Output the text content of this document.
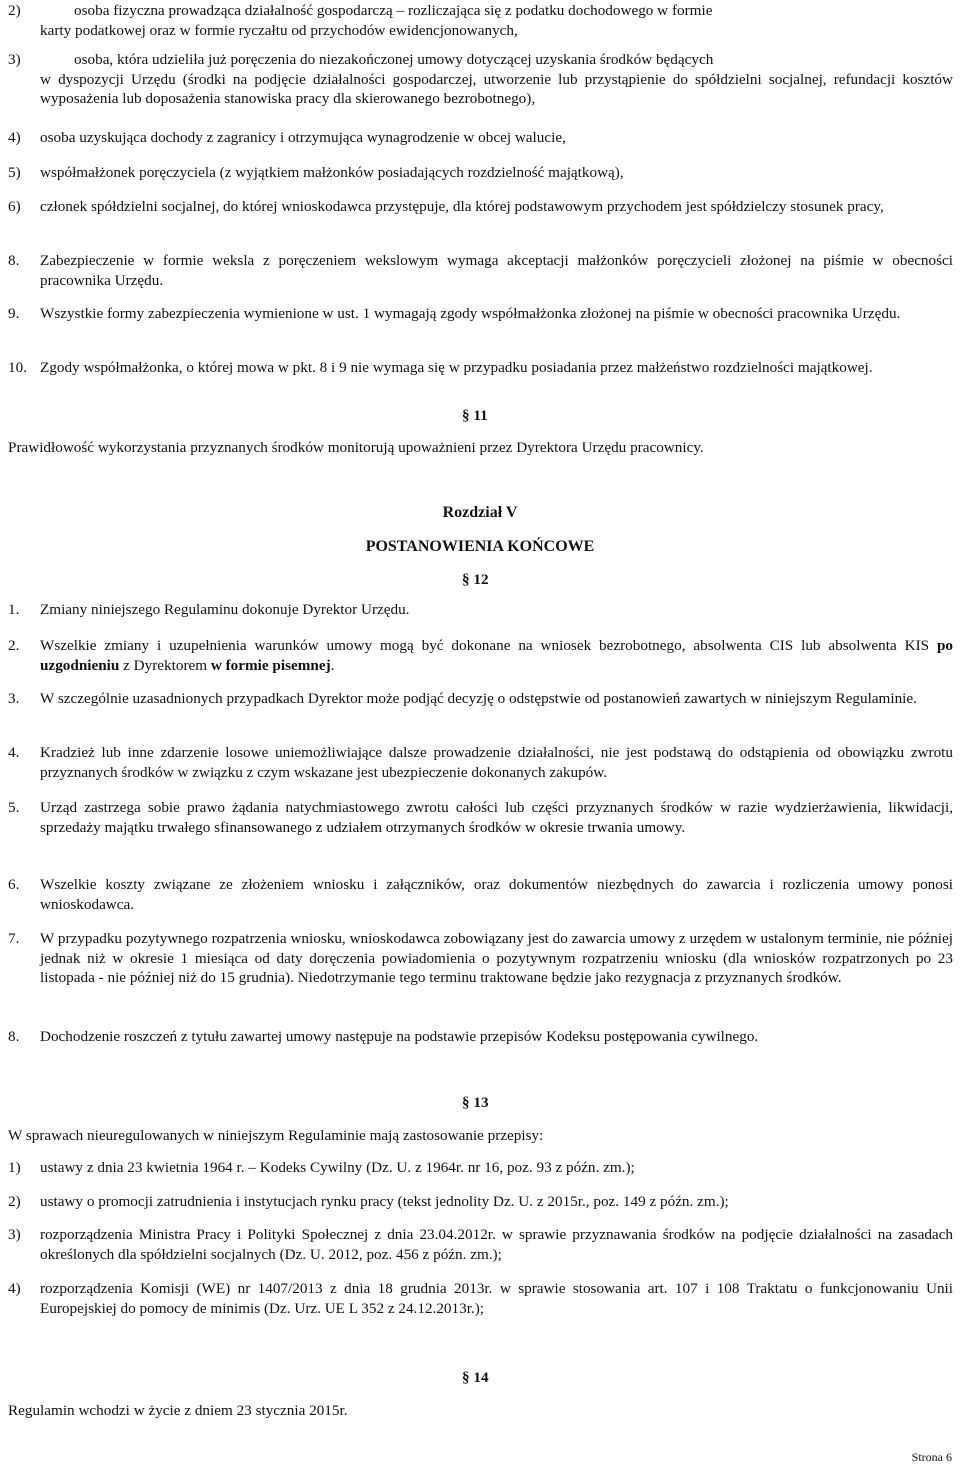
2)	osoba fizyczna prowadząca działalność gospodarczą – rozliczająca się z podatku dochodowego w formie
karty podatkowej oraz w formie ryczałtu od przychodów ewidencjonowanych,
3)	osoba, która udzieliła już poręczenia do niezakończonej umowy dotyczącej uzyskania środków będących
w dyspozycji Urzędu (środki na podjęcie działalności gospodarczej, utworzenie lub przystąpienie do spółdzielni socjalnej, refundacji kosztów wyposażenia lub doposażenia stanowiska pracy dla skierowanego bezrobotnego),
4) osoba uzyskująca dochody z zagranicy i otrzymująca wynagrodzenie w obcej walucie,
5) współmałżonek poręczyciela (z wyjątkiem małżonków posiadających rozdzielność majątkową),
6) członek spółdzielni socjalnej, do której wnioskodawca przystępuje, dla której podstawowym przychodem jest spółdzielczy stosunek pracy,
8. Zabezpieczenie w formie weksla z poręczeniem wekslowym wymaga akceptacji małżonków poręczycieli złożonej na piśmie w obecności pracownika Urzędu.
9. Wszystkie formy zabezpieczenia wymienione w ust. 1 wymagają zgody współmałżonka złożonej na piśmie w obecności pracownika Urzędu.
10. Zgody współmałżonka, o której mowa w pkt. 8 i 9 nie wymaga się w przypadku posiadania przez małżeństwo rozdzielności majątkowej.
§ 11
Prawidłowość wykorzystania przyznanych środków monitorują upoważnieni przez Dyrektora Urzędu pracownicy.
Rozdział V
POSTANOWIENIA KOŃCOWE
§ 12
1. Zmiany niniejszego Regulaminu dokonuje Dyrektor Urzędu.
2. Wszelkie zmiany i uzupełnienia warunków umowy mogą być dokonane na wniosek bezrobotnego, absolwenta CIS lub absolwenta KIS po uzgodnieniu z Dyrektorem w formie pisemnej.
3. W szczególnie uzasadnionych przypadkach Dyrektor może podjąć decyzję o odstępstwie od postanowień zawartych w niniejszym Regulaminie.
4. Kradzież lub inne zdarzenie losowe uniemożliwiające dalsze prowadzenie działalności, nie jest podstawą do odstąpienia od obowiązku zwrotu przyznanych środków w związku z czym wskazane jest ubezpieczenie dokonanych zakupów.
5. Urząd zastrzega sobie prawo żądania natychmiastowego zwrotu całości lub części przyznanych środków w razie wydzierżawienia, likwidacji, sprzedaży majątku trwałego sfinansowanego z udziałem otrzymanych środków w okresie trwania umowy.
6. Wszelkie koszty związane ze złożeniem wniosku i załączników, oraz dokumentów niezbędnych do zawarcia i rozliczenia umowy ponosi wnioskodawca.
7. W przypadku pozytywnego rozpatrzenia wniosku, wnioskodawca zobowiązany jest do zawarcia umowy z urzędem w ustalonym terminie, nie później jednak niż w okresie 1 miesiąca od daty doręczenia powiadomienia o pozytywnym rozpatrzeniu wniosku (dla wniosków rozpatrzonych po 23 listopada - nie później niż do 15 grudnia). Niedotrzymanie tego terminu traktowane będzie jako rezygnacja z przyznanych środków.
8. Dochodzenie roszczeń z tytułu zawartej umowy następuje na podstawie przepisów Kodeksu postępowania cywilnego.
§ 13
W sprawach nieuregulowanych w niniejszym Regulaminie mają zastosowanie przepisy:
1) ustawy z dnia 23 kwietnia 1964 r. – Kodeks Cywilny (Dz. U. z 1964r. nr 16, poz. 93 z późn. zm.);
2) ustawy o promocji zatrudnienia i instytucjach rynku pracy (tekst jednolity Dz. U. z 2015r., poz. 149 z późn. zm.);
3) rozporządzenia Ministra Pracy i Polityki Społecznej z dnia 23.04.2012r. w sprawie przyznawania środków na podjęcie działalności na zasadach określonych dla spółdzielni socjalnych (Dz. U. 2012, poz. 456 z późn. zm.);
4) rozporządzenia Komisji (WE) nr 1407/2013 z dnia 18 grudnia 2013r. w sprawie stosowania art. 107 i 108 Traktatu o funkcjonowaniu Unii Europejskiej do pomocy de minimis (Dz. Urz. UE L 352 z 24.12.2013r.);
§ 14
Regulamin wchodzi w życie z dniem 23 stycznia 2015r.
Strona 6
